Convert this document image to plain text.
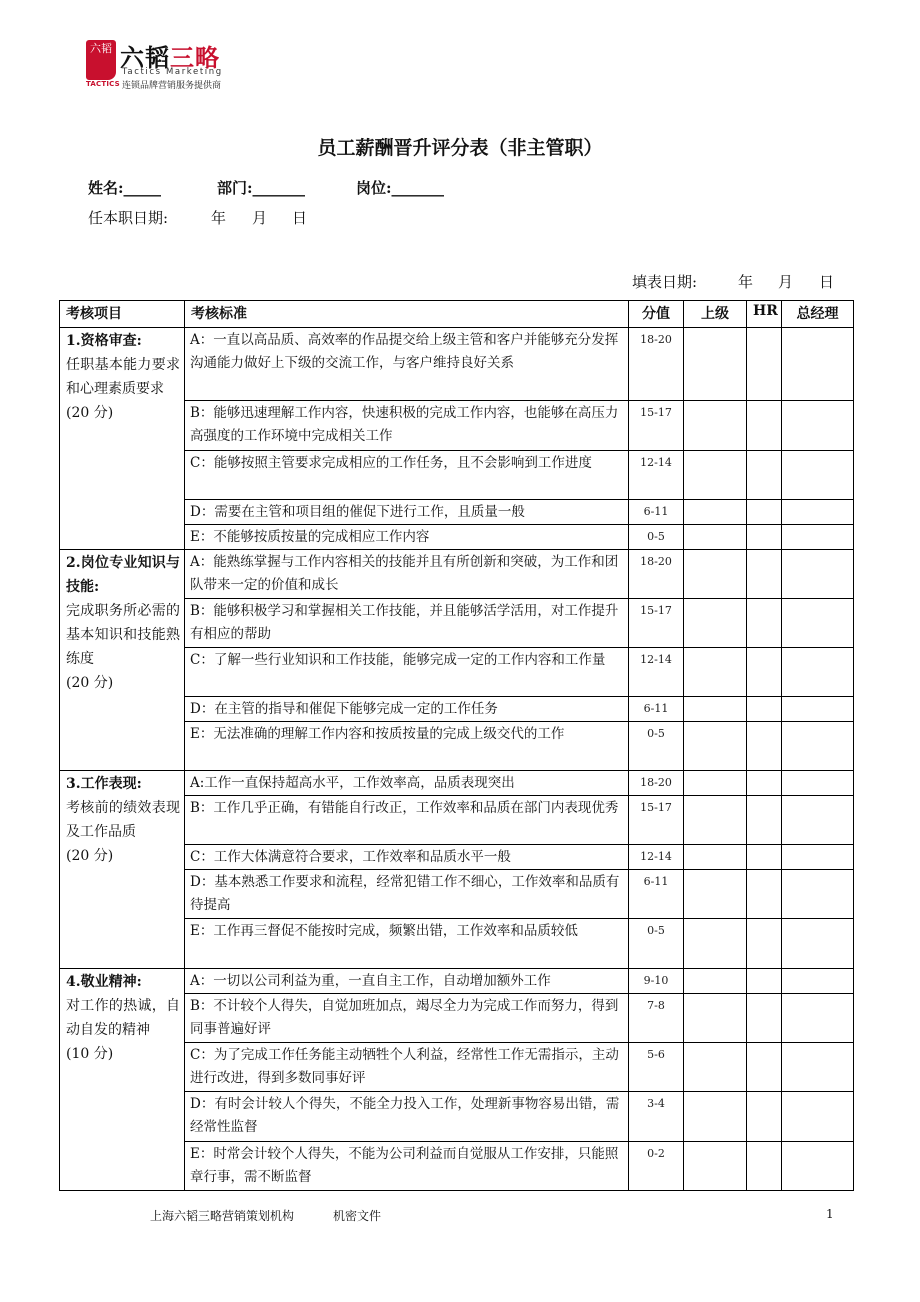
六韬
TACTICS
六韬三略
Tactics Marketing
连锁品牌营销服务提供商
员工薪酬晋升评分表（非主管职）
姓名:_____	部门:_______	岗位:_______
任本职日期:	年 月 日
填表日期:	年 月 日
考核项目	考核标准	分值	上级	HR	总经理

1.资格审查:
任职基本能力要求和心理素质要求
(20 分)	A：一直以高品质、高效率的作品提交给上级主管和客户并能够充分发挥沟通能力做好上下级的交流工作，与客户维持良好关系	18-20			
	B：能够迅速理解工作内容，快速积极的完成工作内容，也能够在高压力高强度的工作环境中完成相关工作	15-17			
	C：能够按照主管要求完成相应的工作任务，且不会影响到工作进度	12-14			
	D：需要在主管和项目组的催促下进行工作，且质量一般	6-11			
	E：不能够按质按量的完成相应工作内容	0-5			

2.岗位专业知识与技能:
完成职务所必需的基本知识和技能熟练度
(20 分)	A：能熟练掌握与工作内容相关的技能并且有所创新和突破，为工作和团队带来一定的价值和成长	18-20			
	B：能够积极学习和掌握相关工作技能，并且能够活学活用，对工作提升有相应的帮助	15-17			
	C：了解一些行业知识和工作技能，能够完成一定的工作内容和工作量	12-14			
	D：在主管的指导和催促下能够完成一定的工作任务	6-11			
	E：无法准确的理解工作内容和按质按量的完成上级交代的工作	0-5			

3.工作表现:
考核前的绩效表现及工作品质
(20 分)	A:工作一直保持超高水平，工作效率高，品质表现突出	18-20			
	B：工作几乎正确，有错能自行改正，工作效率和品质在部门内表现优秀	15-17			
	C：工作大体满意符合要求，工作效率和品质水平一般	12-14			
	D：基本熟悉工作要求和流程，经常犯错工作不细心，工作效率和品质有待提高	6-11			
	E：工作再三督促不能按时完成，频繁出错，工作效率和品质较低	0-5			

4.敬业精神:
对工作的热诚，自动自发的精神
(10 分)	A：一切以公司利益为重，一直自主工作，自动增加额外工作	9-10			
	B：不计较个人得失，自觉加班加点，竭尽全力为完成工作而努力，得到同事普遍好评	7-8			
	C：为了完成工作任务能主动牺牲个人利益，经常性工作无需指示，主动进行改进，得到多数同事好评	5-6			
	D：有时会计较人个得失，不能全力投入工作，处理新事物容易出错，需经常性监督	3-4			
	E：时常会计较个人得失，不能为公司利益而自觉服从工作安排，只能照章行事，需不断监督	0-2			
上海六韬三略营销策划机构	机密文件	1
